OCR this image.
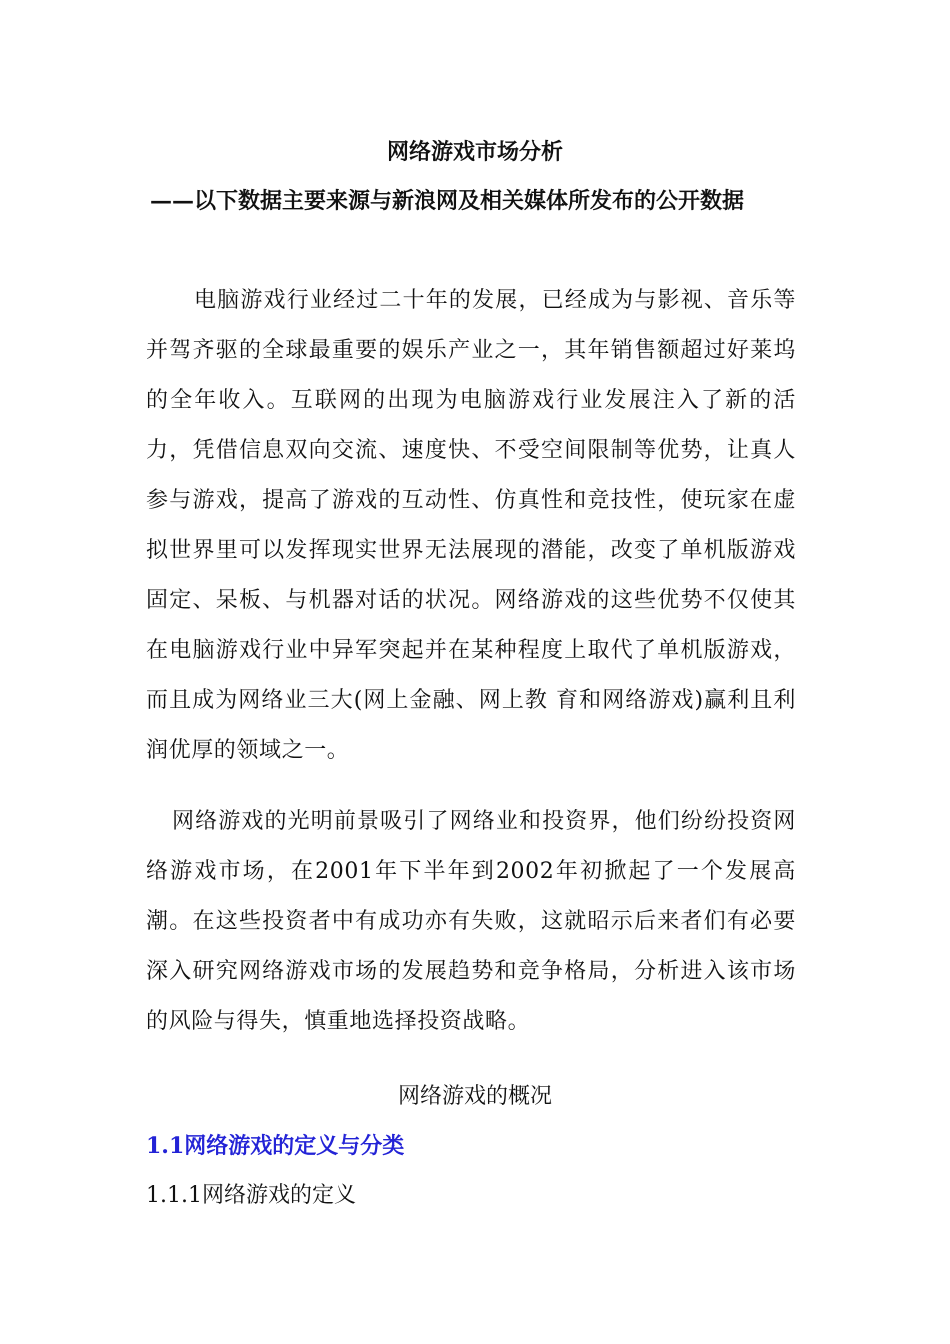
网络游戏市场分析
——以下数据主要来源与新浪网及相关媒体所发布的公开数据
电脑游戏行业经过二十年的发展，已经成为与影视、音乐等并驾齐驱的全球最重要的娱乐产业之一，其年销售额超过好莱坞的全年收入。互联网的出现为电脑游戏行业发展注入了新的活力，凭借信息双向交流、速度快、不受空间限制等优势，让真人参与游戏，提高了游戏的互动性、仿真性和竞技性，使玩家在虚拟世界里可以发挥现实世界无法展现的潜能，改变了单机版游戏固定、呆板、与机器对话的状况。网络游戏的这些优势不仅使其在电脑游戏行业中异军突起并在某种程度上取代了单机版游戏，而且成为网络业三大(网上金融、网上教 育和网络游戏)赢利且利润优厚的领域之一。
网络游戏的光明前景吸引了网络业和投资界，他们纷纷投资网络游戏市场，在2001年下半年到2002年初掀起了一个发展高潮。在这些投资者中有成功亦有失败，这就昭示后来者们有必要深入研究网络游戏市场的发展趋势和竞争格局，分析进入该市场的风险与得失，慎重地选择投资战略。
网络游戏的概况
1.1网络游戏的定义与分类
1.1.1网络游戏的定义
